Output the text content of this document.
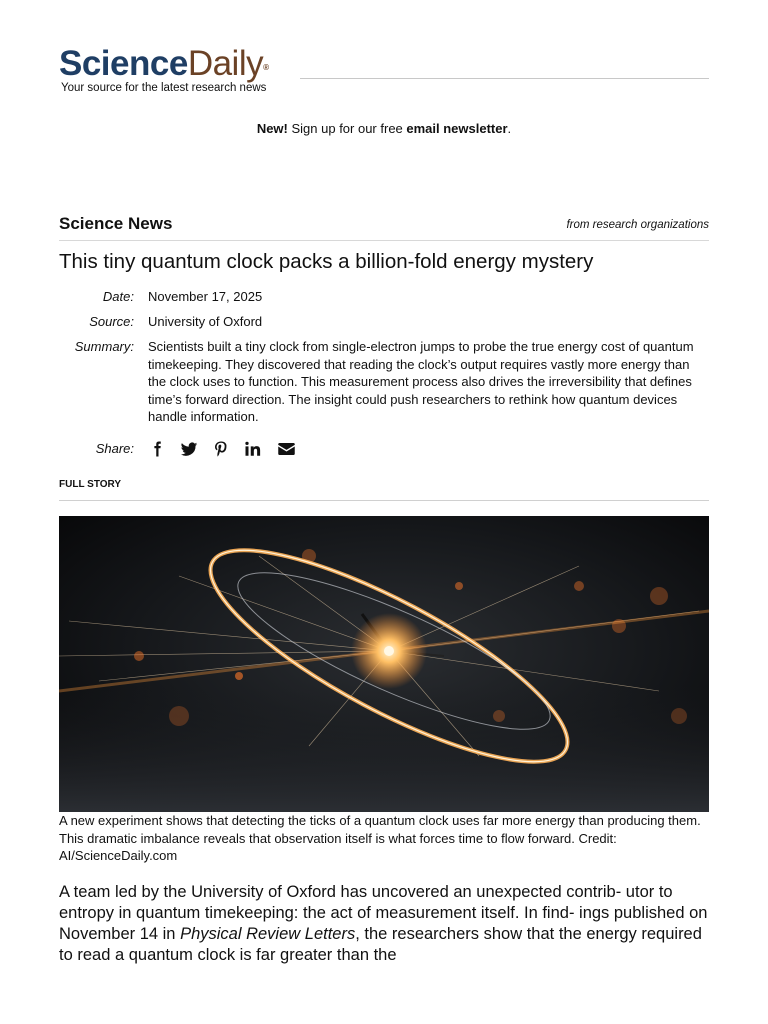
ScienceDaily®
Your source for the latest research news
New! Sign up for our free email newsletter.
Science News	from research organizations
This tiny quantum clock packs a billion-fold energy mystery
Date: November 17, 2025
Source: University of Oxford
Summary: Scientists built a tiny clock from single-electron jumps to probe the true energy cost of quantum timekeeping. They discovered that reading the clock’s output requires vastly more energy than the clock uses to function. This measurement process also drives the irreversibility that defines time’s forward direction. The insight could push researchers to rethink how quantum devices handle information.
Share:
FULL STORY
A new experiment shows that detecting the ticks of a quantum clock uses far more energy than producing them. This dramatic imbalance reveals that observation itself is what forces time to flow forward. Credit: AI/ScienceDaily.com

A team led by the University of Oxford has uncovered an unexpected contrib- utor to entropy in quantum timekeeping: the act of measurement itself. In find- ings published on November 14 in Physical Review Letters, the researchers show that the energy required to read a quantum clock is far greater than the
